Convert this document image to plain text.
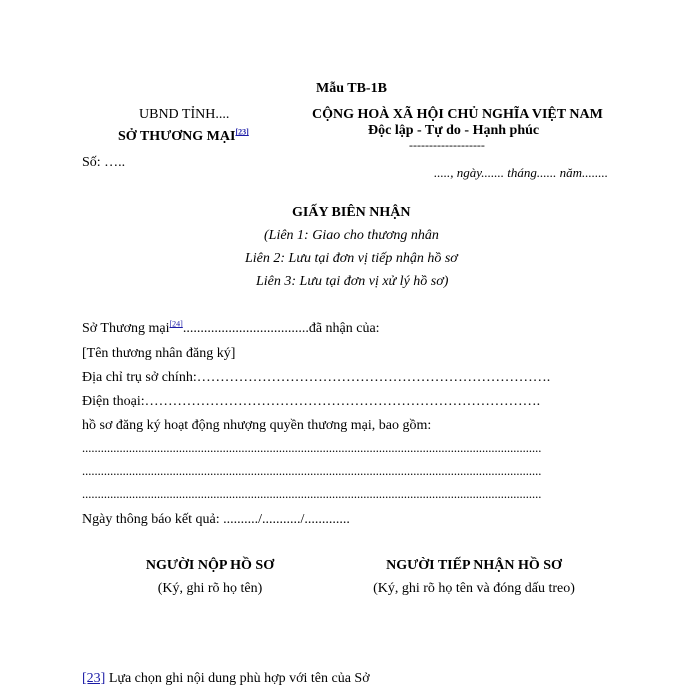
Mẫu TB-1B
UBND TỈNH....
SỞ THƯƠNG MẠI[23]
Số: …..
CỘNG HOÀ XÃ HỘI CHỦ NGHĨA VIỆT NAM
Độc lập - Tự do - Hạnh phúc
-------------------
....., ngày....... tháng...... năm........
GIẤY BIÊN NHẬN
(Liên 1: Giao cho thương nhân
Liên 2: Lưu tại đơn vị tiếp nhận hồ sơ
Liên 3: Lưu tại đơn vị xử lý hồ sơ)
Sở Thương mại[24]....................................đã nhận của:
[Tên thương nhân đăng ký]
Địa chỉ trụ sở chính:………………………………………………………………….
Điện thoại:………………………………………………………………………….
hồ sơ đăng ký hoạt động nhượng quyền thương mại, bao gồm:
...................................................................................................................................................
...................................................................................................................................................
...................................................................................................................................................
Ngày thông báo kết quả: ........../.........../.............
NGƯỜI NỘP HỒ SƠ
(Ký, ghi rõ họ tên)
NGƯỜI TIẾP NHẬN HỒ SƠ
(Ký, ghi rõ họ tên và đóng dấu treo)
[23] Lựa chọn ghi nội dung phù hợp với tên của Sở
